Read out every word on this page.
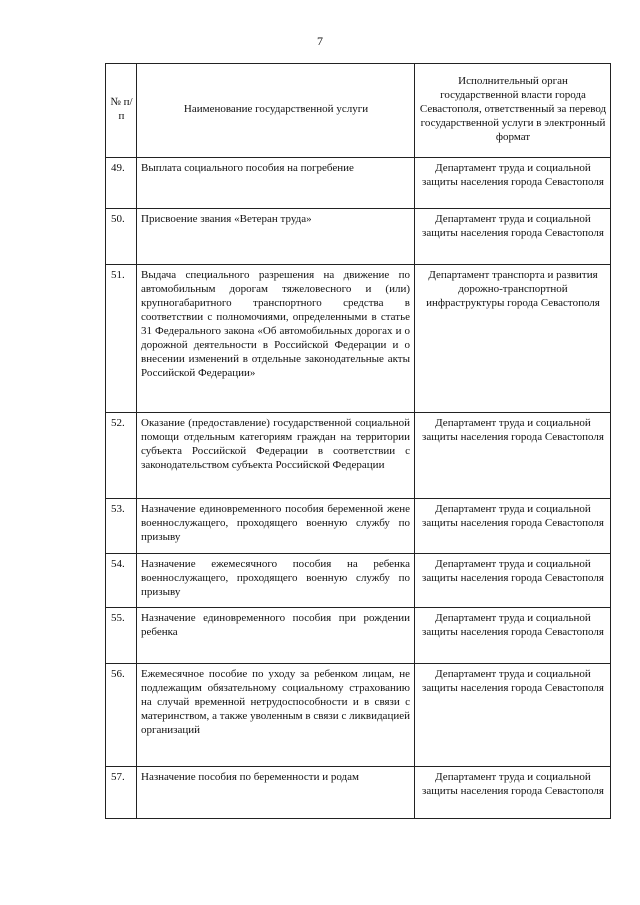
7
№ п/п	Наименование государственной услуги	Исполнительный орган государственной власти города Севастополя, ответственный за перевод государственной услуги в электронный формат
49.	Выплата социального пособия на погребение	Департамент труда и социальной защиты населения города Севастополя
50.	Присвоение звания «Ветеран труда»	Департамент труда и социальной защиты населения города Севастополя
51.	Выдача специального разрешения на движение по автомобильным дорогам тяжеловесного и (или) крупногабаритного транспортного средства в соответствии с полномочиями, определенными в статье 31 Федерального закона «Об автомобильных дорогах и о дорожной деятельности в Российской Федерации и о внесении изменений в отдельные законодательные акты Российской Федерации»	Департамент транспорта и развития дорожно-транспортной инфраструктуры города Севастополя
52.	Оказание (предоставление) государственной социальной помощи отдельным категориям граждан на территории субъекта Российской Федерации в соответствии с законодательством субъекта Российской Федерации	Департамент труда и социальной защиты населения города Севастополя
53.	Назначение единовременного пособия беременной жене военнослужащего, проходящего военную службу по призыву	Департамент труда и социальной защиты населения города Севастополя
54.	Назначение ежемесячного пособия на ребенка военнослужащего, проходящего военную службу по призыву	Департамент труда и социальной защиты населения города Севастополя
55.	Назначение единовременного пособия при рождении ребенка	Департамент труда и социальной защиты населения города Севастополя
56.	Ежемесячное пособие по уходу за ребенком лицам, не подлежащим обязательному социальному страхованию на случай временной нетрудоспособности и в связи с материнством, а также уволенным в связи с ликвидацией организаций	Департамент труда и социальной защиты населения города Севастополя
57.	Назначение пособия по беременности и родам	Департамент труда и социальной защиты населения города Севастополя
